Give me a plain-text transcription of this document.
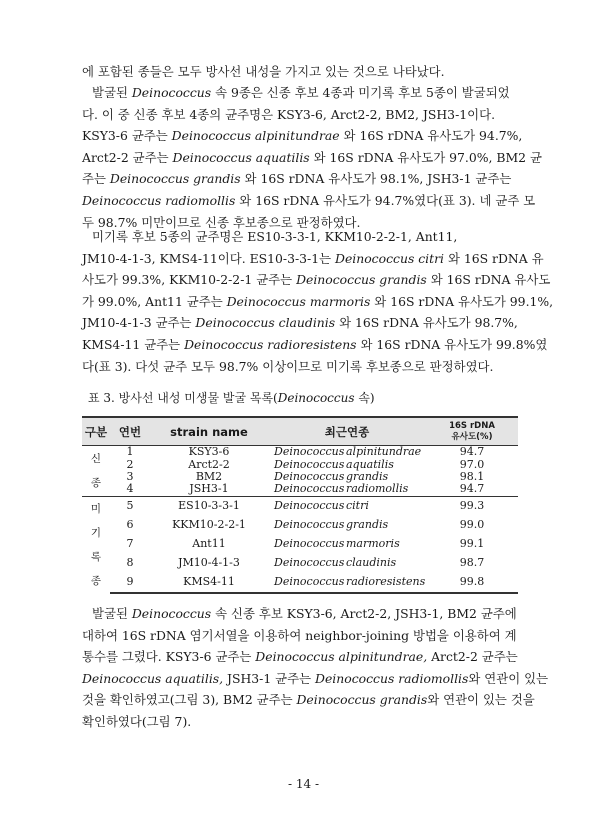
에 포함된 종들은 모두 방사선 내성을 가지고 있는 것으로 나타났다.

발굴된 Deinococcus 속 9종은 신종 후보 4종과 미기록 후보 5종이 발굴되었
다. 이 중 신종 후보 4종의 균주명은 KSY3-6, Arct2-2, BM2, JSH3-1이다.
KSY3-6 균주는 Deinococcus alpinitundrae 와 16S rDNA 유사도가 94.7%,
Arct2-2 균주는 Deinococcus aquatilis 와 16S rDNA 유사도가 97.0%, BM2 균
주는 Deinococcus grandis 와 16S rDNA 유사도가 98.1%, JSH3-1 균주는
Deinococcus radiomollis 와 16S rDNA 유사도가 94.7%였다(표 3). 네 균주 모
두 98.7% 미만이므로 신종 후보종으로 판정하였다.

미기록 후보 5종의 균주명은 ES10-3-3-1, KKM10-2-2-1, Ant11,
JM10-4-1-3, KMS4-11이다. ES10-3-3-1는 Deinococcus citri 와 16S rDNA 유
사도가 99.3%, KKM10-2-2-1 균주는 Deinococcus grandis 와 16S rDNA 유사도
가 99.0%, Ant11 균주는 Deinococcus marmoris 와 16S rDNA 유사도가 99.1%,
JM10-4-1-3 균주는 Deinococcus claudinis 와 16S rDNA 유사도가 98.7%,
KMS4-11 균주는 Deinococcus radioresistens 와 16S rDNA 유사도가 99.8%였
다(표 3). 다섯 균주 모두 98.7% 이상이므로 미기록 후보종으로 판정하였다.

표 3. 방사선 내성 미생물 발굴 목록(Deinococcus 속)

구분	연번	strain name	최근연종	16S rDNA
유사도(%)
신
종	1	KSY3-6	Deinococcus alpinitundrae	94.7
	2	Arct2-2	Deinococcus aquatilis	97.0
	3	BM2	Deinococcus grandis	98.1
	4	JSH3-1	Deinococcus radiomollis	94.7
미
기
록
종	5	ES10-3-3-1	Deinococcus citri	99.3
	6	KKM10-2-2-1	Deinococcus grandis	99.0
	7	Ant11	Deinococcus marmoris	99.1
	8	JM10-4-1-3	Deinococcus claudinis	98.7
	9	KMS4-11	Deinococcus radioresistens	99.8

발굴된 Deinococcus 속 신종 후보 KSY3-6, Arct2-2, JSH3-1, BM2 균주에
대하여 16S rDNA 염기서열을 이용하여 neighbor-joining 방법을 이용하여 계
통수를 그렸다. KSY3-6 균주는 Deinococcus alpinitundrae, Arct2-2 균주는
Deinococcus aquatilis, JSH3-1 균주는 Deinococcus radiomollis와 연관이 있는
것을 확인하였고(그림 3), BM2 균주는 Deinococcus grandis와 연관이 있는 것을
확인하였다(그림 7).

- 14 -
